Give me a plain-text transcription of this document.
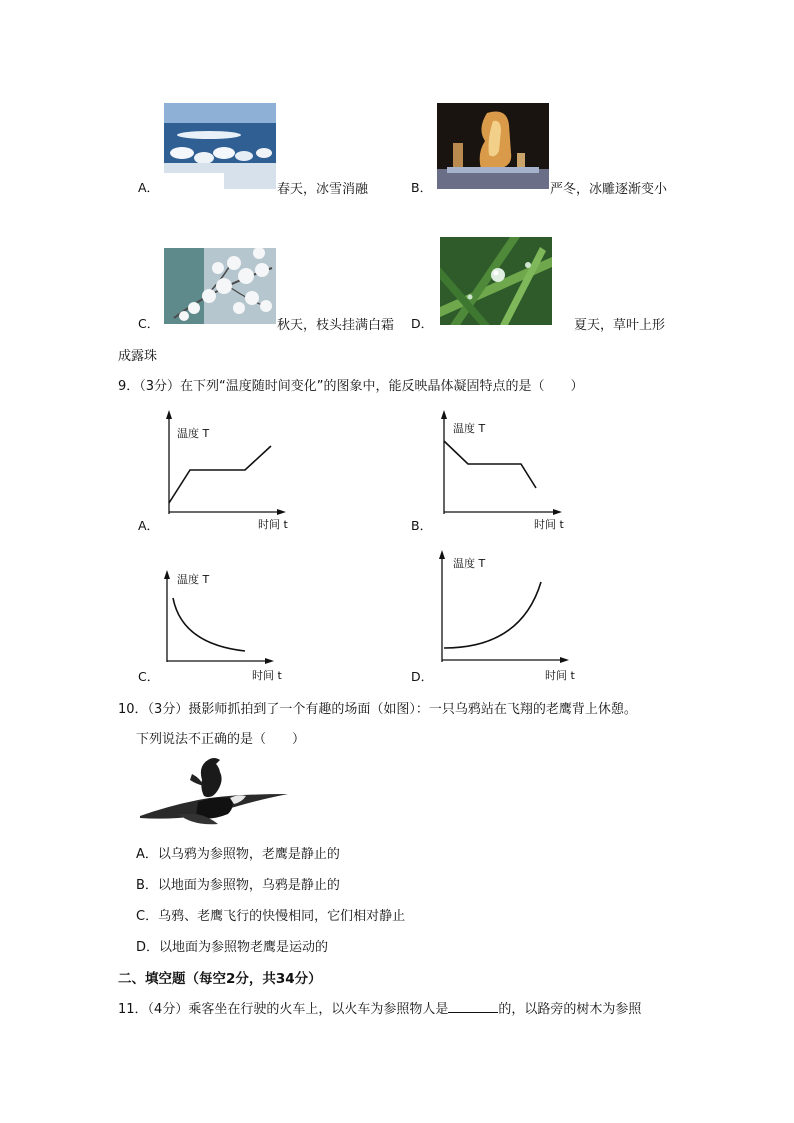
A．	春天，冰雪消融	B．	严冬，冰雕逐渐变小
C．	秋天，枝头挂满白霜 D．	夏天，草叶上形
成露珠
9．（3分）在下列“温度随时间变化”的图象中，能反映晶体凝固特点的是（　　）
A．
温度 T
时间 t	B．
温度 T
时间 t
C．
温度 T
时间 t	D．
温度 T
时间 t
10．（3分）摄影师抓拍到了一个有趣的场面（如图）：一只乌鸦站在飞翔的老鹰背上休憩。
下列说法不正确的是（　　）
A．以乌鸦为参照物，老鹰是静止的
B．以地面为参照物，乌鸦是静止的
C．乌鸦、老鹰飞行的快慢相同，它们相对静止
D．以地面为参照物老鹰是运动的
二、填空题（每空2分，共34分）
11．（4分）乘客坐在行驶的火车上，以火车为参照物人是	的，以路旁的树木为参照
